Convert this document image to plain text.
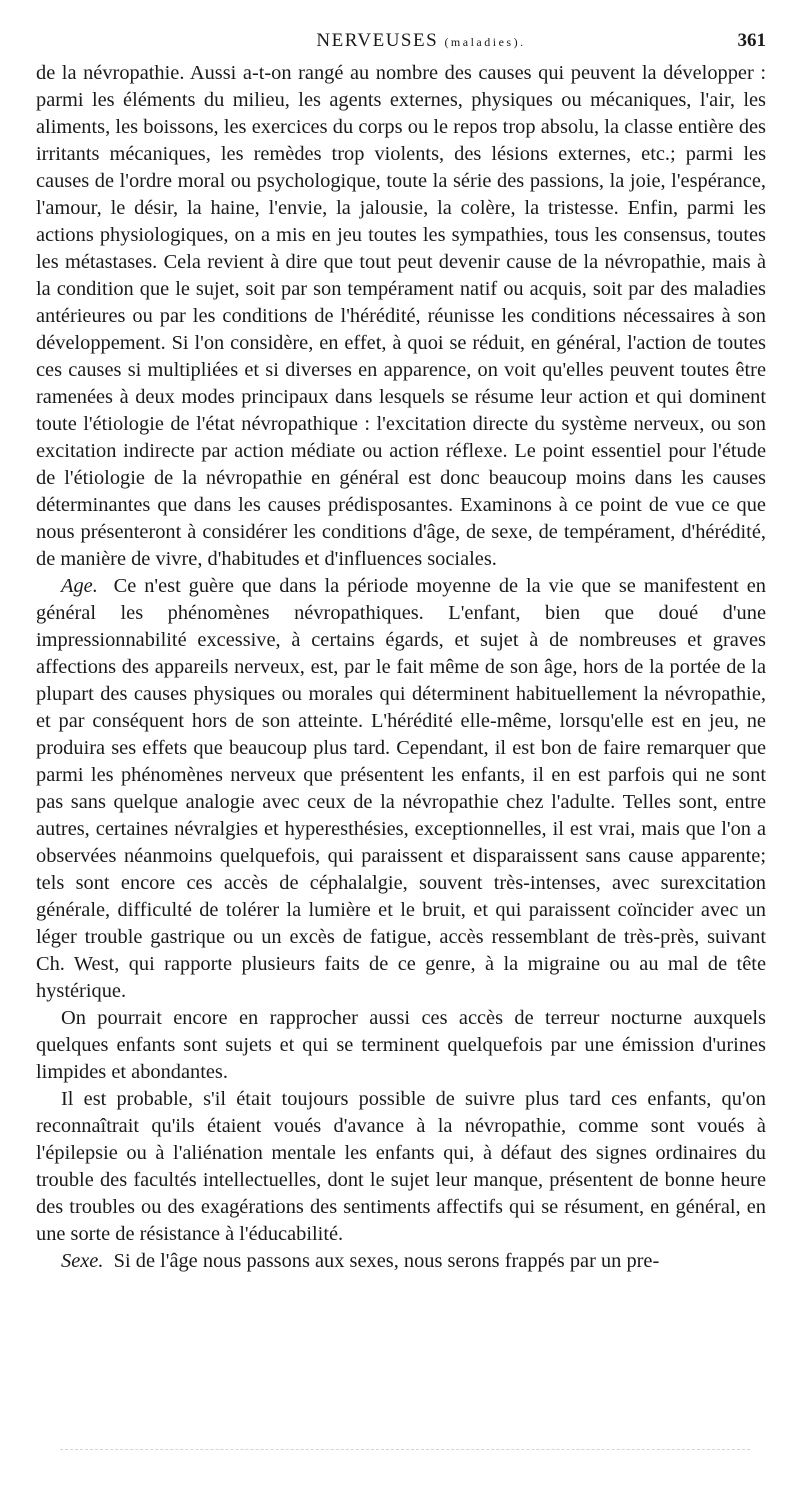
NERVEUSES (maladies).	361

de la névropathie. Aussi a-t-on rangé au nombre des causes qui peuvent la développer : parmi les éléments du milieu, les agents externes, physiques ou mécaniques, l'air, les aliments, les boissons, les exercices du corps ou le repos trop absolu, la classe entière des irritants mécaniques, les remèdes trop violents, des lésions externes, etc.; parmi les causes de l'ordre moral ou psychologique, toute la série des passions, la joie, l'espérance, l'amour, le désir, la haine, l'envie, la jalousie, la colère, la tristesse. Enfin, parmi les actions physiologiques, on a mis en jeu toutes les sympathies, tous les consensus, toutes les métastases. Cela revient à dire que tout peut devenir cause de la névropathie, mais à la condition que le sujet, soit par son tempérament natif ou acquis, soit par des maladies antérieures ou par les conditions de l'hérédité, réunisse les conditions nécessaires à son développement. Si l'on considère, en effet, à quoi se réduit, en général, l'action de toutes ces causes si multipliées et si diverses en apparence, on voit qu'elles peuvent toutes être ramenées à deux modes principaux dans lesquels se résume leur action et qui dominent toute l'étiologie de l'état névropathique : l'excitation directe du système nerveux, ou son excitation indirecte par action médiate ou action réflexe. Le point essentiel pour l'étude de l'étiologie de la névropathie en général est donc beaucoup moins dans les causes déterminantes que dans les causes prédisposantes. Examinons à ce point de vue ce que nous présenteront à considérer les conditions d'âge, de sexe, de tempérament, d'hérédité, de manière de vivre, d'habitudes et d'influences sociales.

Age. Ce n'est guère que dans la période moyenne de la vie que se manifestent en général les phénomènes névropathiques. L'enfant, bien que doué d'une impressionnabilité excessive, à certains égards, et sujet à de nombreuses et graves affections des appareils nerveux, est, par le fait même de son âge, hors de la portée de la plupart des causes physiques ou morales qui déterminent habituellement la névropathie, et par conséquent hors de son atteinte. L'hérédité elle-même, lorsqu'elle est en jeu, ne produira ses effets que beaucoup plus tard. Cependant, il est bon de faire remarquer que parmi les phénomènes nerveux que présentent les enfants, il en est parfois qui ne sont pas sans quelque analogie avec ceux de la névropathie chez l'adulte. Telles sont, entre autres, certaines névralgies et hyperesthésies, exceptionnelles, il est vrai, mais que l'on a observées néanmoins quelquefois, qui paraissent et disparaissent sans cause apparente; tels sont encore ces accès de céphalalgie, souvent très-intenses, avec surexcitation générale, difficulté de tolérer la lumière et le bruit, et qui paraissent coïncider avec un léger trouble gastrique ou un excès de fatigue, accès ressemblant de très-près, suivant Ch. West, qui rapporte plusieurs faits de ce genre, à la migraine ou au mal de tête hystérique.

On pourrait encore en rapprocher aussi ces accès de terreur nocturne auxquels quelques enfants sont sujets et qui se terminent quelquefois par une émission d'urines limpides et abondantes.

Il est probable, s'il était toujours possible de suivre plus tard ces enfants, qu'on reconnaîtrait qu'ils étaient voués d'avance à la névropathie, comme sont voués à l'épilepsie ou à l'aliénation mentale les enfants qui, à défaut des signes ordinaires du trouble des facultés intellectuelles, dont le sujet leur manque, présentent de bonne heure des troubles ou des exagérations des sentiments affectifs qui se résument, en général, en une sorte de résistance à l'éducabilité.

Sexe. Si de l'âge nous passons aux sexes, nous serons frappés par un pre-
